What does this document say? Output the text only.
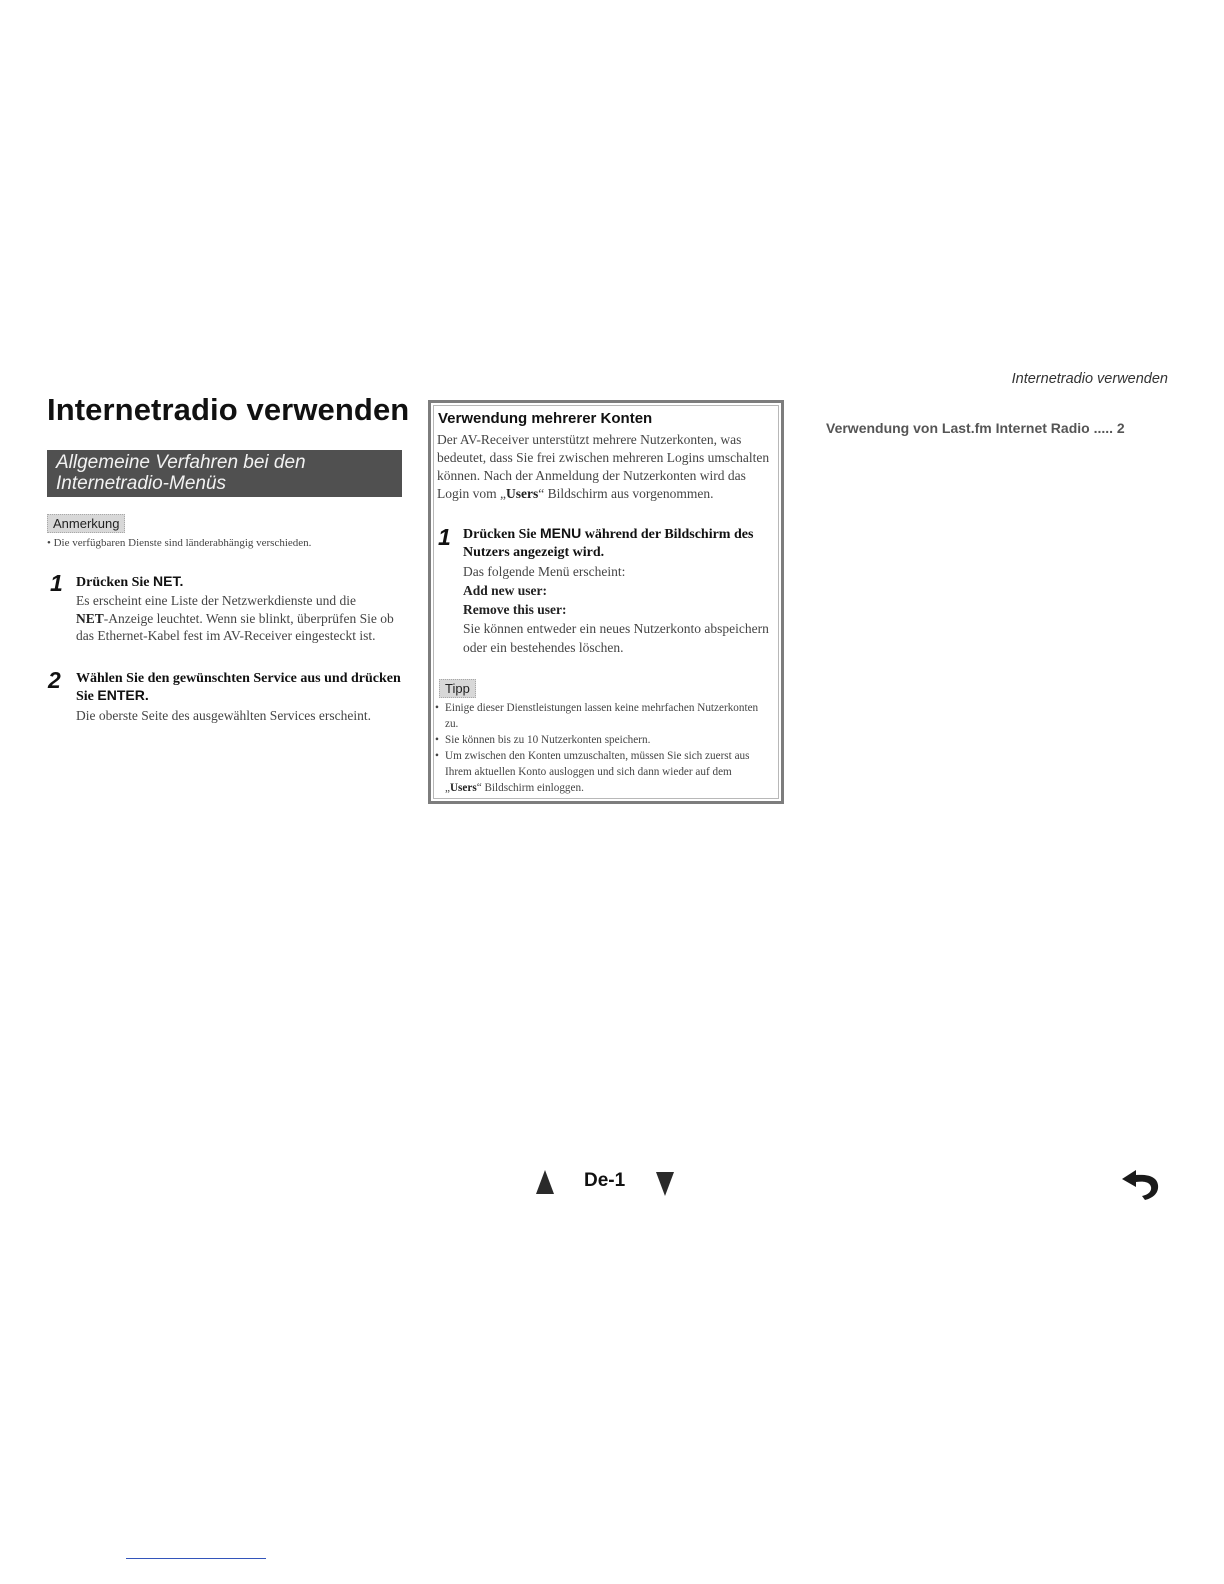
Internetradio verwenden
Internetradio verwenden
Allgemeine Verfahren bei den
Internetradio-Menüs
Anmerkung
• Die verfügbaren Dienste sind länderabhängig verschieden.
1 Drücken Sie NET.
Es erscheint eine Liste der Netzwerkdienste und die
NET-Anzeige leuchtet. Wenn sie blinkt, überprüfen Sie ob das Ethernet-Kabel fest im AV-Receiver eingesteckt ist.
2 Wählen Sie den gewünschten Service aus und drücken Sie ENTER.
Die oberste Seite des ausgewählten Services erscheint.
Verwendung mehrerer Konten
Der AV-Receiver unterstützt mehrere Nutzerkonten, was bedeutet, dass Sie frei zwischen mehreren Logins umschalten können. Nach der Anmeldung der Nutzerkonten wird das Login vom „Users“ Bildschirm aus vorgenommen.
1 Drücken Sie MENU während der Bildschirm des Nutzers angezeigt wird.
Das folgende Menü erscheint:
Add new user:
Remove this user:
Sie können entweder ein neues Nutzerkonto abspeichern oder ein bestehendes löschen.
Tipp
• Einige dieser Dienstleistungen lassen keine mehrfachen Nutzerkonten zu.
• Sie können bis zu 10 Nutzerkonten speichern.
• Um zwischen den Konten umzuschalten, müssen Sie sich zuerst aus Ihrem aktuellen Konto ausloggen und sich dann wieder auf dem „Users“ Bildschirm einloggen.
Verwendung von Last.fm Internet Radio ..... 2
De-1
